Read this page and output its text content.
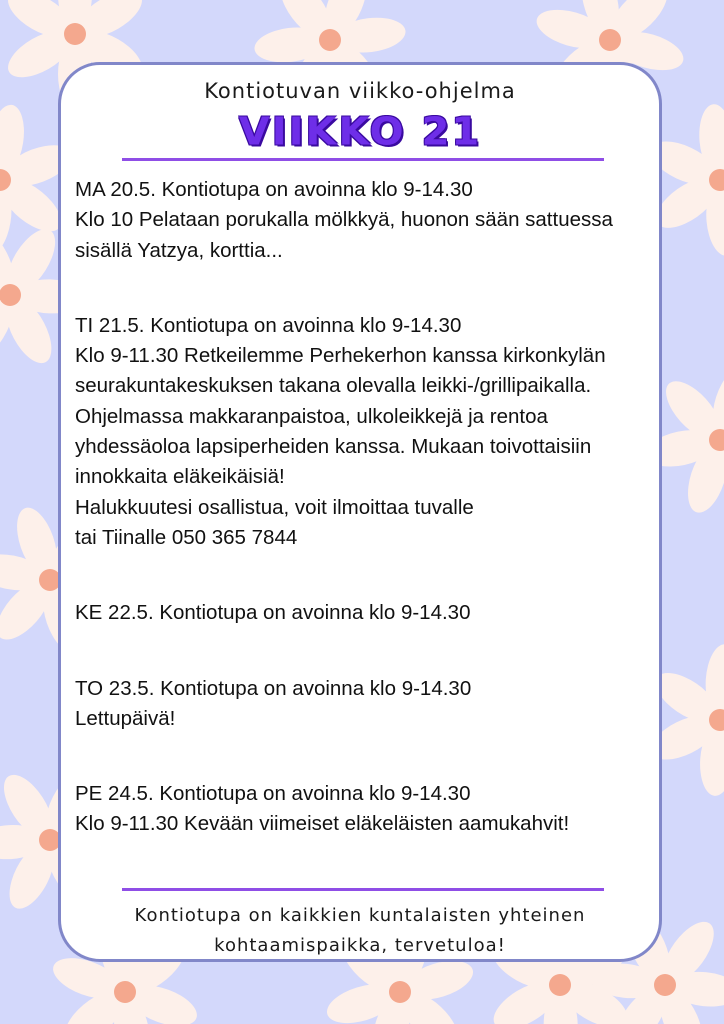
Kontiotuvan viikko-ohjelma
VIIKKO 21

MA 20.5. Kontiotupa on avoinna klo 9-14.30

Klo 10 Pelataan porukalla mölkkyä, huonon sään sattuessa

sisällä Yatzya, korttia...

TI 21.5. Kontiotupa on avoinna klo 9-14.30

Klo 9-11.30 Retkeilemme Perhekerhon kanssa kirkonkylän

seurakuntakeskuksen takana olevalla leikki-/grillipaikalla.

Ohjelmassa makkaranpaistoa, ulkoleikkejä ja rentoa

yhdessäoloa lapsiperheiden kanssa. Mukaan toivottaisiin

innokkaita eläkeikäisiä!

Halukkuutesi osallistua, voit ilmoittaa tuvalle

tai Tiinalle 050 365 7844

KE 22.5. Kontiotupa on avoinna klo 9-14.30

TO 23.5. Kontiotupa on avoinna klo 9-14.30

Lettupäivä!

PE 24.5. Kontiotupa on avoinna klo 9-14.30

Klo 9-11.30 Kevään viimeiset eläkeläisten aamukahvit!

Kontiotupa on kaikkien kuntalaisten yhteinen
kohtaamispaikka, tervetuloa!
